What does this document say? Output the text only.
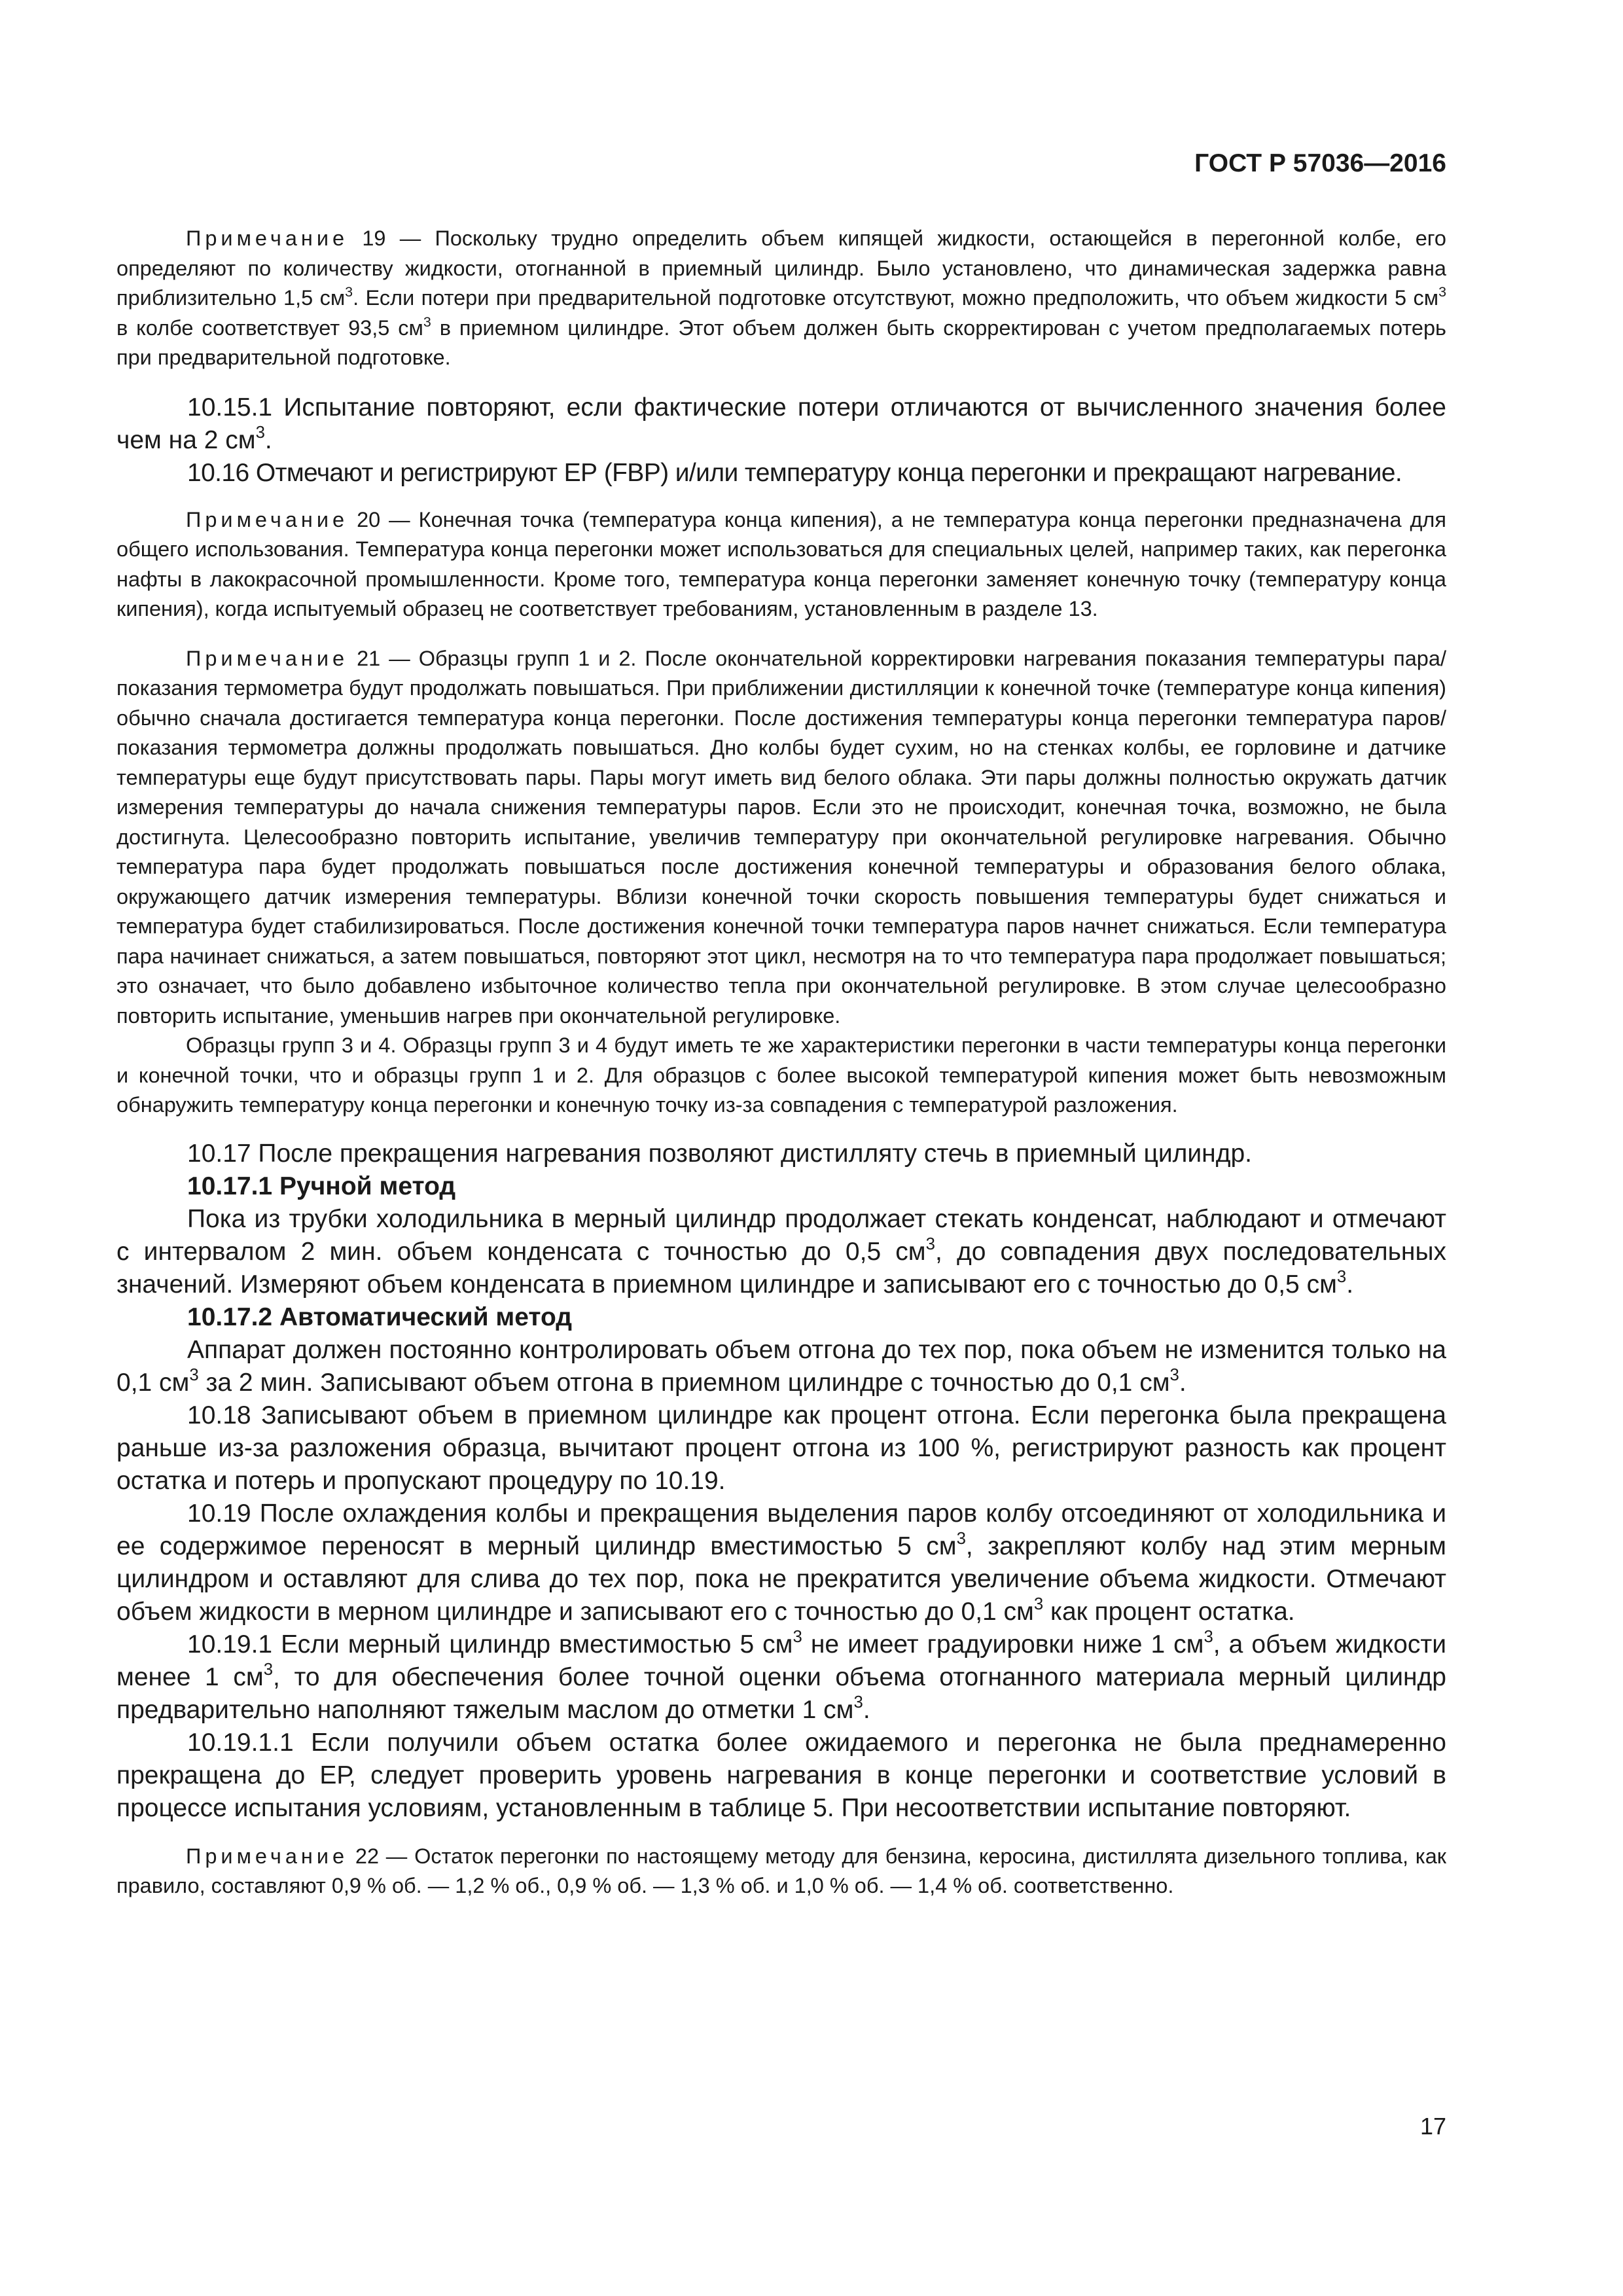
ГОСТ Р 57036—2016

Примечание 19 — Поскольку трудно определить объем кипящей жидкости, остающейся в перегонной колбе, его определяют по количеству жидкости, отогнанной в приемный цилиндр. Было установлено, что динамическая задержка равна приблизительно 1,5 $см^3$. Если потери при предварительной подготовке отсутствуют, можно предположить, что объем жидкости 5 $см^3$ в колбе соответствует 93,5 $см^3$ в приемном цилиндре. Этот объем должен быть скорректирован с учетом предполагаемых потерь при предварительной подготовке.

10.15.1 Испытание повторяют, если фактические потери отличаются от вычисленного значения более чем на 2 $см^3$.

10.16 Отмечают и регистрируют ЕР (FBP) и/или температуру конца перегонки и прекращают нагревание.

Примечание 20 — Конечная точка (температура конца кипения), а не температура конца перегонки предназначена для общего использования. Температура конца перегонки может использоваться для специальных целей, например таких, как перегонка нафты в лакокрасочной промышленности. Кроме того, температура конца перегонки заменяет конечную точку (температуру конца кипения), когда испытуемый образец не соответствует требованиям, установленным в разделе 13.

Примечание 21 — Образцы групп 1 и 2. После окончательной корректировки нагревания показания температуры пара/показания термометра будут продолжать повышаться. При приближении дистилляции к конечной точке (температуре конца кипения) обычно сначала достигается температура конца перегонки. После достижения температуры конца перегонки температура паров/показания термометра должны продолжать повышаться. Дно колбы будет сухим, но на стенках колбы, ее горловине и датчике температуры еще будут присутствовать пары. Пары могут иметь вид белого облака. Эти пары должны полностью окружать датчик измерения температуры до начала снижения температуры паров. Если это не происходит, конечная точка, возможно, не была достигнута. Целесообразно повторить испытание, увеличив температуру при окончательной регулировке нагревания. Обычно температура пара будет продолжать повышаться после достижения конечной температуры и образования белого облака, окружающего датчик измерения температуры. Вблизи конечной точки скорость повышения температуры будет снижаться и температура будет стабилизироваться. После достижения конечной точки температура паров начнет снижаться. Если температура пара начинает снижаться, а затем повышаться, повторяют этот цикл, несмотря на то что температура пара продолжает повышаться; это означает, что было добавлено избыточное количество тепла при окончательной регулировке. В этом случае целесообразно повторить испытание, уменьшив нагрев при окончательной регулировке.

Образцы групп 3 и 4. Образцы групп 3 и 4 будут иметь те же характеристики перегонки в части температуры конца перегонки и конечной точки, что и образцы групп 1 и 2. Для образцов с более высокой температурой кипения может быть невозможным обнаружить температуру конца перегонки и конечную точку из-за совпадения с температурой разложения.

10.17 После прекращения нагревания позволяют дистилляту стечь в приемный цилиндр.

10.17.1 Ручной метод

Пока из трубки холодильника в мерный цилиндр продолжает стекать конденсат, наблюдают и отмечают с интервалом 2 мин. объем конденсата с точностью до 0,5 $см^3$, до совпадения двух последовательных значений. Измеряют объем конденсата в приемном цилиндре и записывают его с точностью до 0,5 $см^3$.

10.17.2 Автоматический метод

Аппарат должен постоянно контролировать объем отгона до тех пор, пока объем не изменится только на 0,1 $см^3$ за 2 мин. Записывают объем отгона в приемном цилиндре с точностью до 0,1 $см^3$.

10.18 Записывают объем в приемном цилиндре как процент отгона. Если перегонка была прекращена раньше из-за разложения образца, вычитают процент отгона из 100 %, регистрируют разность как процент остатка и потерь и пропускают процедуру по 10.19.

10.19 После охлаждения колбы и прекращения выделения паров колбу отсоединяют от холодильника и ее содержимое переносят в мерный цилиндр вместимостью 5 $см^3$, закрепляют колбу над этим мерным цилиндром и оставляют для слива до тех пор, пока не прекратится увеличение объема жидкости. Отмечают объем жидкости в мерном цилиндре и записывают его с точностью до 0,1 $см^3$ как процент остатка.

10.19.1 Если мерный цилиндр вместимостью 5 $см^3$ не имеет градуировки ниже 1 $см^3$, а объем жидкости менее 1 $см^3$, то для обеспечения более точной оценки объема отогнанного материала мерный цилиндр предварительно наполняют тяжелым маслом до отметки 1 $см^3$.

10.19.1.1 Если получили объем остатка более ожидаемого и перегонка не была преднамеренно прекращена до ЕР, следует проверить уровень нагревания в конце перегонки и соответствие условий в процессе испытания условиям, установленным в таблице 5. При несоответствии испытание повторяют.

Примечание 22 — Остаток перегонки по настоящему методу для бензина, керосина, дистиллята дизельного топлива, как правило, составляют 0,9 % об. — 1,2 % об., 0,9 % об. — 1,3 % об. и 1,0 % об. — 1,4 % об. соответственно.

17
